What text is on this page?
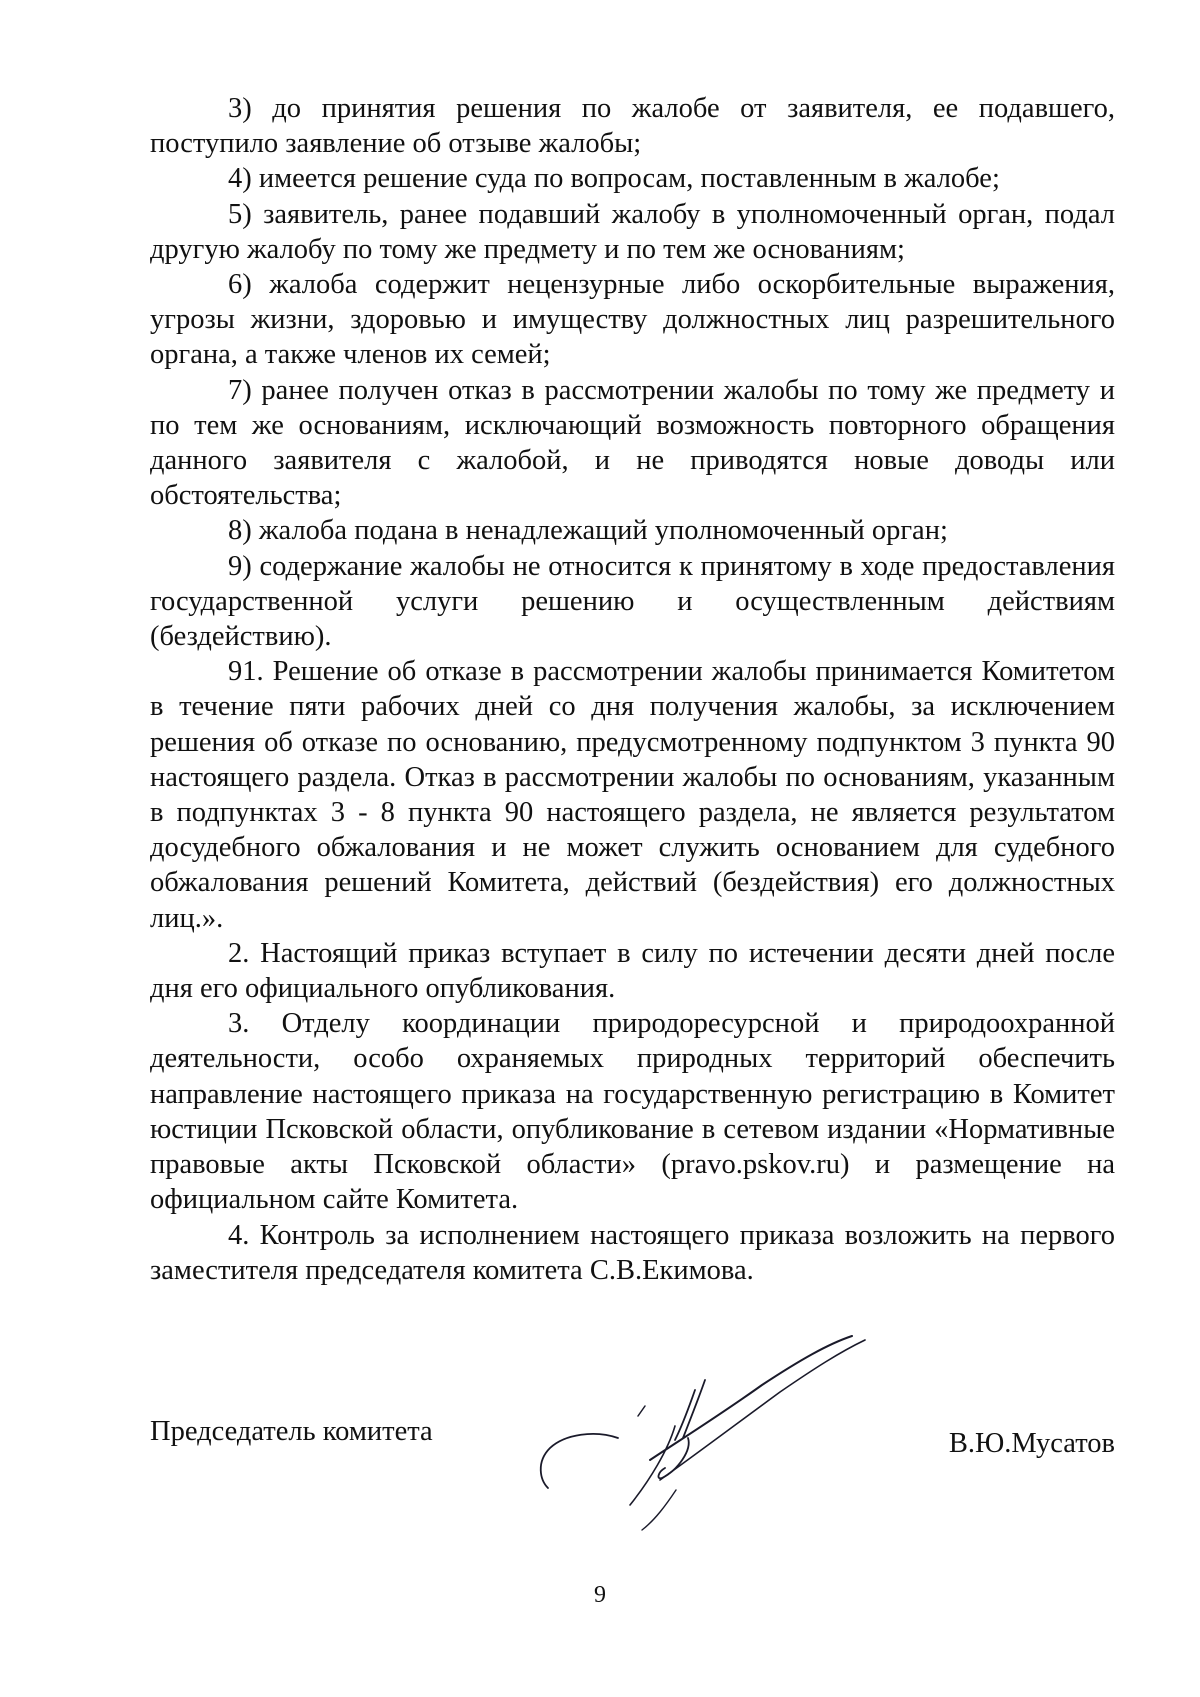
3) до принятия решения по жалобе от заявителя, ее подавшего, поступило заявление об отзыве жалобы;

4) имеется решение суда по вопросам, поставленным в жалобе;

5) заявитель, ранее подавший жалобу в уполномоченный орган, подал другую жалобу по тому же предмету и по тем же основаниям;

6) жалоба содержит нецензурные либо оскорбительные выражения, угрозы жизни, здоровью и имуществу должностных лиц разрешительного органа, а также членов их семей;

7) ранее получен отказ в рассмотрении жалобы по тому же предмету и по тем же основаниям, исключающий возможность повторного обращения данного заявителя с жалобой, и не приводятся новые доводы или обстоятельства;

8) жалоба подана в ненадлежащий уполномоченный орган;

9) содержание жалобы не относится к принятому в ходе предоставления государственной услуги решению и осуществленным действиям (бездействию).

91. Решение об отказе в рассмотрении жалобы принимается Комитетом в течение пяти рабочих дней со дня получения жалобы, за исключением решения об отказе по основанию, предусмотренному подпунктом 3 пункта 90 настоящего раздела. Отказ в рассмотрении жалобы по основаниям, указанным в подпунктах 3 - 8 пункта 90 настоящего раздела, не является результатом досудебного обжалования и не может служить основанием для судебного обжалования решений Комитета, действий (бездействия) его должностных лиц.».

2. Настоящий приказ вступает в силу по истечении десяти дней после дня его официального опубликования.

3. Отделу координации природоресурсной и природоохранной деятельности, особо охраняемых природных территорий обеспечить направление настоящего приказа на государственную регистрацию в Комитет юстиции Псковской области, опубликование в сетевом издании «Нормативные правовые акты Псковской области» (pravo.pskov.ru) и размещение на официальном сайте Комитета.

4. Контроль за исполнением настоящего приказа возложить на первого заместителя председателя комитета С.В.Екимова.

Председатель комитета	В.Ю.Мусатов
9
